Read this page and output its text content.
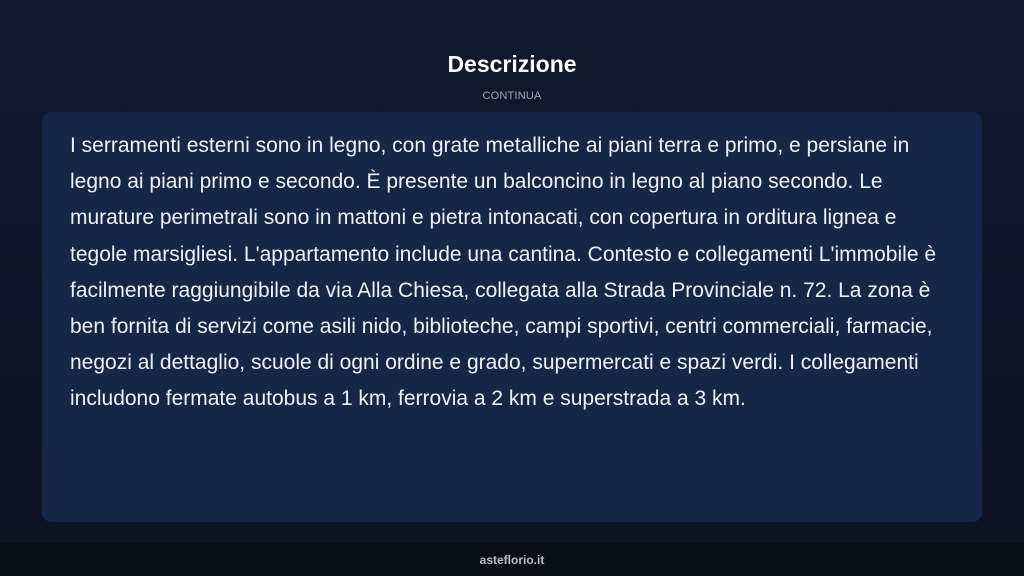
Descrizione
CONTINUA

I serramenti esterni sono in legno, con grate metalliche ai piani terra e primo, e persiane in legno ai piani primo e secondo. È presente un balconcino in legno al piano secondo. Le murature perimetrali sono in mattoni e pietra intonacati, con copertura in orditura lignea e tegole marsigliesi. L'appartamento include una cantina. Contesto e collegamenti L'immobile è facilmente raggiungibile da via Alla Chiesa, collegata alla Strada Provinciale n. 72. La zona è ben fornita di servizi come asili nido, biblioteche, campi sportivi, centri commerciali, farmacie, negozi al dettaglio, scuole di ogni ordine e grado, supermercati e spazi verdi. I collegamenti includono fermate autobus a 1 km, ferrovia a 2 km e superstrada a 3 km.

asteflorio.it
